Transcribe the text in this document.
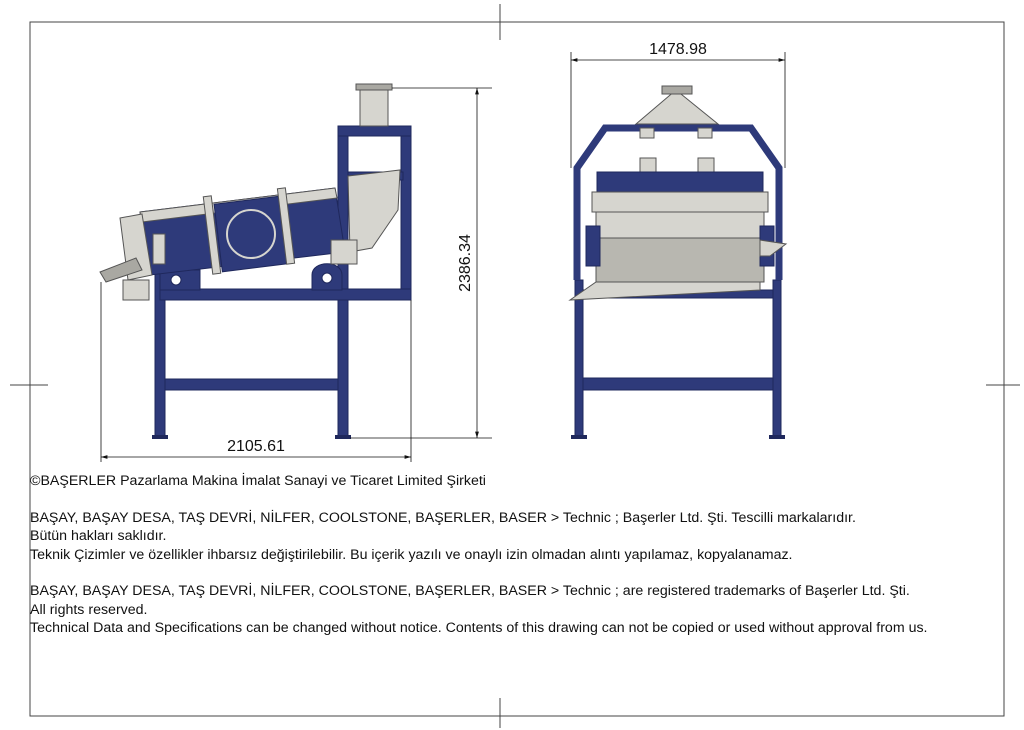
2105.61
2386.34
1478.98

©BAŞERLER Pazarlama Makina İmalat Sanayi ve Ticaret Limited Şirketi

BAŞAY, BAŞAY DESA, TAŞ DEVRİ, NİLFER, COOLSTONE, BAŞERLER, BASER > Technic ; Başerler Ltd. Şti. Tescilli markalarıdır.

Bütün hakları saklıdır.

Teknik Çizimler ve özellikler ihbarsız değiştirilebilir. Bu içerik yazılı ve onaylı izin olmadan alıntı yapılamaz, kopyalanamaz.

BAŞAY, BAŞAY DESA, TAŞ DEVRİ, NİLFER, COOLSTONE, BAŞERLER, BASER > Technic ; are registered trademarks of Başerler Ltd. Şti.

All rights reserved.

Technical Data and Specifications can be changed without notice. Contents of this drawing can not be copied or used without approval from us.
